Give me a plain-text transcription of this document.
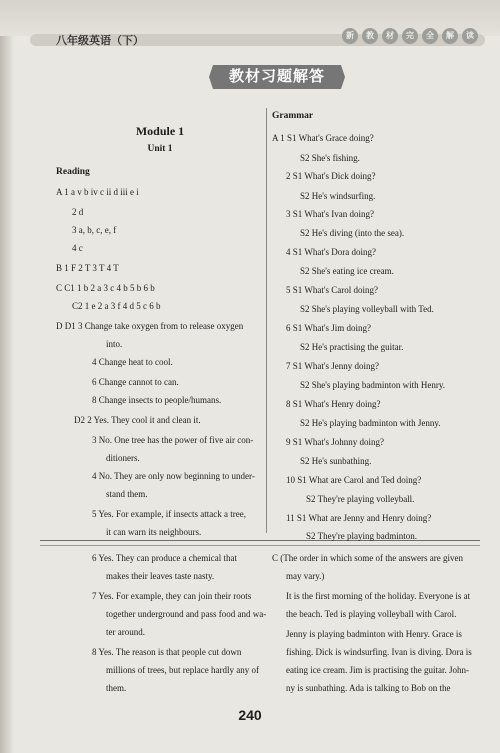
八年级英语（下）	新	教	材	完	全	解	读
教材习题解答
Module 1
Unit 1
Reading
A 1 a v b iv c ii d iii e i
2 d
3 a, b, c, e, f
4 c
B 1 F 2 T 3 T 4 T
C C1 1 b 2 a 3 c 4 b 5 b 6 b
C2 1 e 2 a 3 f 4 d 5 c 6 b
D D1 3 Change take oxygen from to release oxygen
into.
4 Change heat to cool.
6 Change cannot to can.
8 Change insects to people/humans.
D2 2 Yes. They cool it and clean it.
3 No. One tree has the power of five air con-
ditioners.
4 No. They are only now beginning to under-
stand them.
5 Yes. For example, if insects attack a tree,
it can warn its neighbours.
6 Yes. They can produce a chemical that
makes their leaves taste nasty.
7 Yes. For example, they can join their roots
together underground and pass food and wa-
ter around.
8 Yes. The reason is that people cut down
millions of trees, but replace hardly any of
them.
Grammar
A 1 S1 What's Grace doing?
S2 She's fishing.
2 S1 What's Dick doing?
S2 He's windsurfing.
3 S1 What's Ivan doing?
S2 He's diving (into the sea).
4 S1 What's Dora doing?
S2 She's eating ice cream.
5 S1 What's Carol doing?
S2 She's playing volleyball with Ted.
6 S1 What's Jim doing?
S2 He's practising the guitar.
7 S1 What's Jenny doing?
S2 She's playing badminton with Henry.
8 S1 What's Henry doing?
S2 He's playing badminton with Jenny.
9 S1 What's Johnny doing?
S2 He's sunbathing.
10 S1 What are Carol and Ted doing?
S2 They're playing volleyball.
11 S1 What are Jenny and Henry doing?
S2 They're playing badminton.
C (The order in which some of the answers are given
may vary.)
It is the first morning of the holiday. Everyone is at
the beach. Ted is playing volleyball with Carol.
Jenny is playing badminton with Henry. Grace is
fishing. Dick is windsurfing. Ivan is diving. Dora is
eating ice cream. Jim is practising the guitar. John-
ny is sunbathing. Ada is talking to Bob on the
240
